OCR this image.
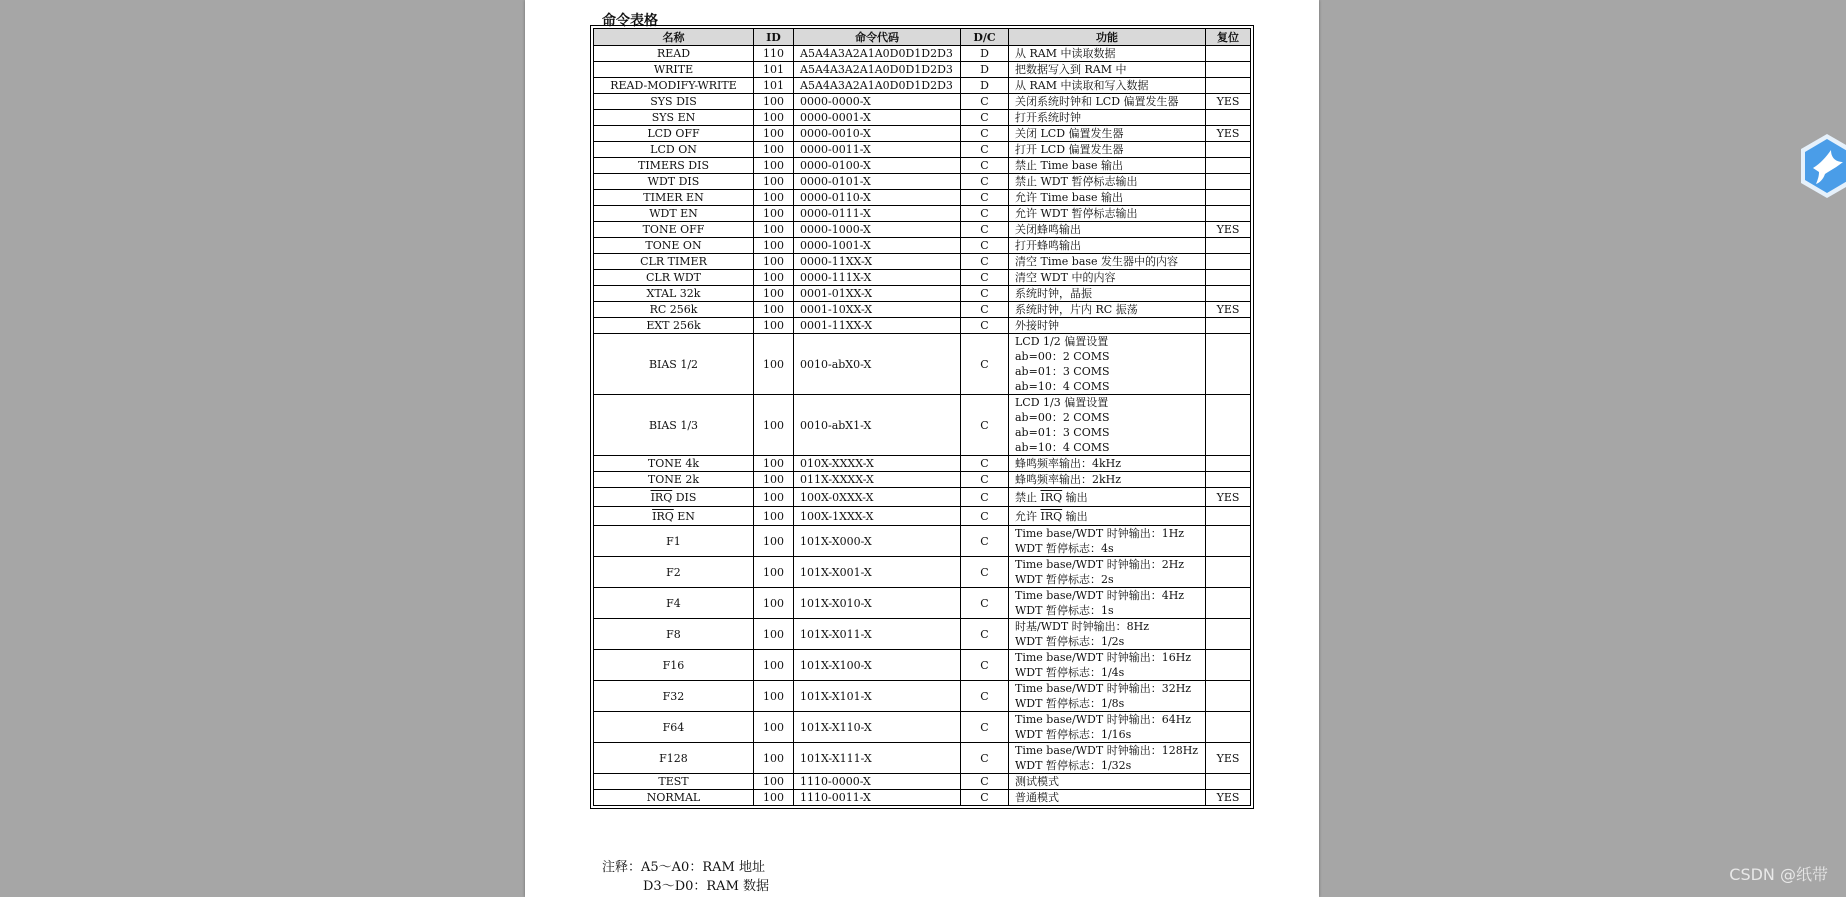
命令表格
名称	ID	命令代码	D/C	功能	复位
READ	110	A5A4A3A2A1A0D0D1D2D3	D	从 RAM 中读取数据	

WRITE	101	A5A4A3A2A1A0D0D1D2D3	D	把数据写入到 RAM 中	

READ-MODIFY-WRITE	101	A5A4A3A2A1A0D0D1D2D3	D	从 RAM 中读取和写入数据	

SYS DIS	100	0000-0000-X	C	关闭系统时钟和 LCD 偏置发生器	YES
SYS EN	100	0000-0001-X	C	打开系统时钟	

LCD OFF	100	0000-0010-X	C	关闭 LCD 偏置发生器	YES
LCD ON	100	0000-0011-X	C	打开 LCD 偏置发生器	

TIMERS DIS	100	0000-0100-X	C	禁止 Time base 输出	

WDT DIS	100	0000-0101-X	C	禁止 WDT 暂停标志输出	

TIMER EN	100	0000-0110-X	C	允许 Time base 输出	

WDT EN	100	0000-0111-X	C	允许 WDT 暂停标志输出	

TONE OFF	100	0000-1000-X	C	关闭蜂鸣输出	YES
TONE ON	100	0000-1001-X	C	打开蜂鸣输出	

CLR TIMER	100	0000-11XX-X	C	清空 Time base 发生器中的内容	

CLR WDT	100	0000-111X-X	C	清空 WDT 中的内容	

XTAL 32k	100	0001-01XX-X	C	系统时钟，晶振	

RC 256k	100	0001-10XX-X	C	系统时钟，片内 RC 振荡	YES
EXT 256k	100	0001-11XX-X	C	外接时钟	

BIAS 1/2	100	0010-abX0-X	C	LCD 1/2 偏置设置
ab=00：2 COMS
ab=01：3 COMS
ab=10：4 COMS	

BIAS 1/3	100	0010-abX1-X	C	LCD 1/3 偏置设置
ab=00：2 COMS
ab=01：3 COMS
ab=10：4 COMS	

TONE 4k	100	010X-XXXX-X	C	蜂鸣频率输出：4kHz	

TONE 2k	100	011X-XXXX-X	C	蜂鸣频率输出：2kHz	

$\overline{IRQ}$ DIS	100	100X-0XXX-X	C	禁止 $\overline{IRQ}$ 输出	YES
$\overline{IRQ}$ EN	100	100X-1XXX-X	C	允许 $\overline{IRQ}$ 输出	

F1	100	101X-X000-X	C	Time base/WDT 时钟输出：1Hz
WDT 暂停标志：4s	

F2	100	101X-X001-X	C	Time base/WDT 时钟输出：2Hz
WDT 暂停标志：2s	

F4	100	101X-X010-X	C	Time base/WDT 时钟输出：4Hz
WDT 暂停标志：1s	

F8	100	101X-X011-X	C	时基/WDT 时钟输出：8Hz
WDT 暂停标志：1/2s	

F16	100	101X-X100-X	C	Time base/WDT 时钟输出：16Hz
WDT 暂停标志：1/4s	

F32	100	101X-X101-X	C	Time base/WDT 时钟输出：32Hz
WDT 暂停标志：1/8s	

F64	100	101X-X110-X	C	Time base/WDT 时钟输出：64Hz
WDT 暂停标志：1/16s	

F128	100	101X-X111-X	C	Time base/WDT 时钟输出：128Hz
WDT 暂停标志：1/32s	YES
TEST	100	1110-0000-X	C	测试模式	

NORMAL	100	1110-0011-X	C	普通模式	YES
注释：A5～A0：RAM 地址
D3～D0：RAM 数据
CSDN @纸带
